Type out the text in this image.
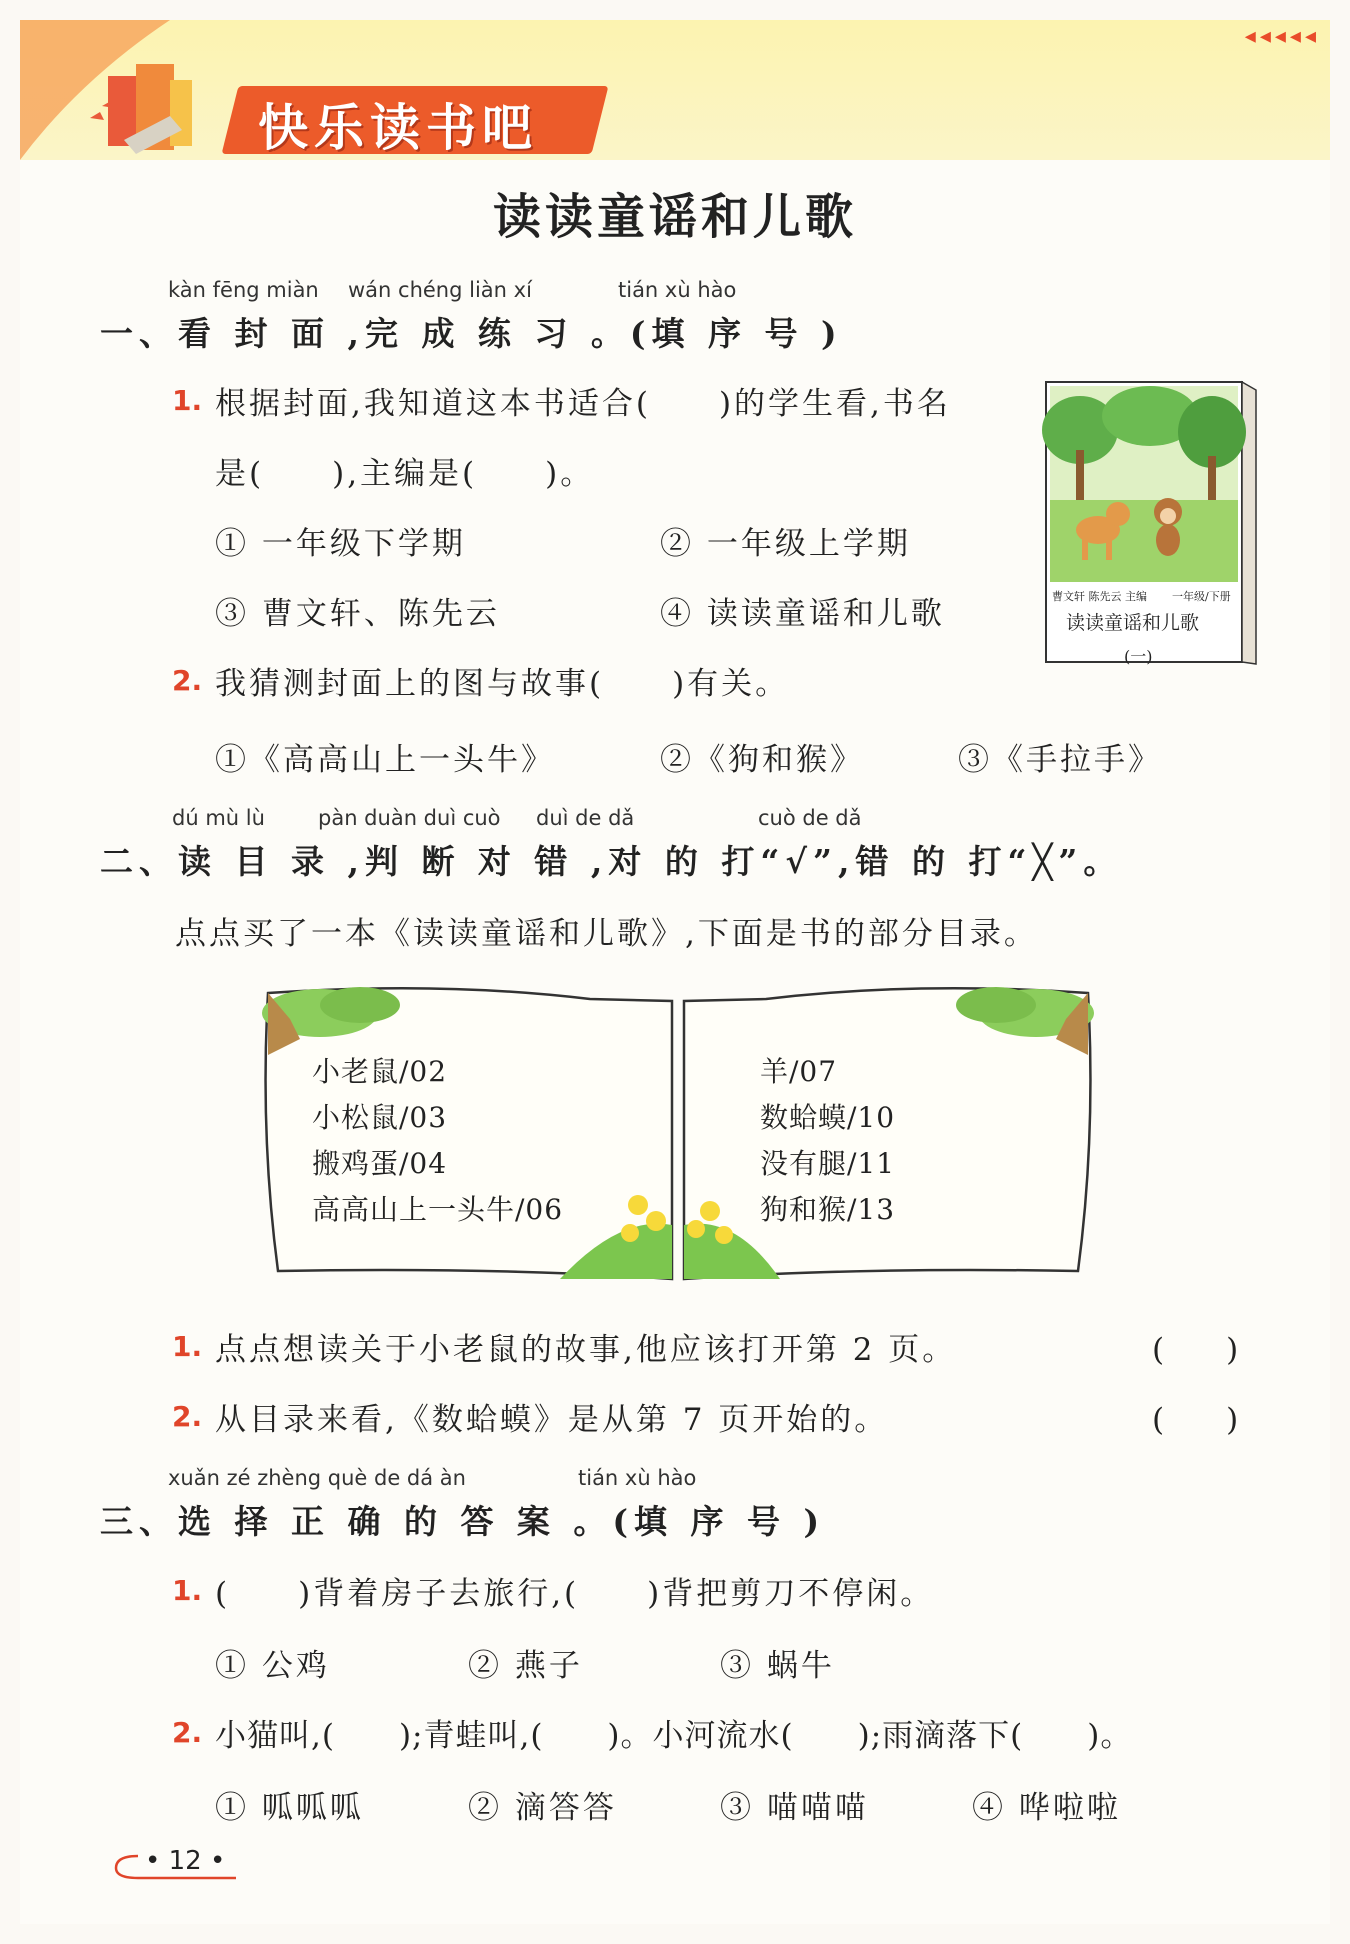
快乐读书吧
◂◂◂◂◂
读读童谣和儿歌
kàn fēng miàn wán chéng liàn xí	tián xù hào
一、看 封 面 ,完 成 练 习 。(填 序 号 )
1. 根据封面,我知道这本书适合(　　)的学生看,书名
是(　　),主编是(　　)。
① 一年级下学期	② 一年级上学期
③ 曹文轩、陈先云	④ 读读童谣和儿歌
2. 我猜测封面上的图与故事(　　)有关。
①《高高山上一头牛》	②《狗和猴》	③《手拉手》
曹文轩 陈先云 主编 一年级/下册
读读童谣和儿歌
(一)
dú mù lù	pàn duàn duì cuò duì de dǎ	cuò de dǎ
二、读 目 录 ,判 断 对 错 ,对 的 打“√”,错 的 打“╳”。
点点买了一本《读读童谣和儿歌》,下面是书的部分目录。
小老鼠/02
小松鼠/03
搬鸡蛋/04
高高山上一头牛/06
羊/07
数蛤蟆/10
没有腿/11
狗和猴/13
1. 点点想读关于小老鼠的故事,他应该打开第 2 页。	(　　)
2. 从目录来看,《数蛤蟆》是从第 7 页开始的。	(　　)
xuǎn zé zhèng què de dá àn	tián xù hào
三、选 择 正 确 的 答 案 。(填 序 号 )
1. (　　)背着房子去旅行,(　　)背把剪刀不停闲。
① 公鸡	② 燕子	③ 蜗牛
2. 小猫叫,(　　);青蛙叫,(　　)。小河流水(　　);雨滴落下(　　)。
① 呱呱呱	② 滴答答	③ 喵喵喵	④ 哗啦啦
• 12 •
